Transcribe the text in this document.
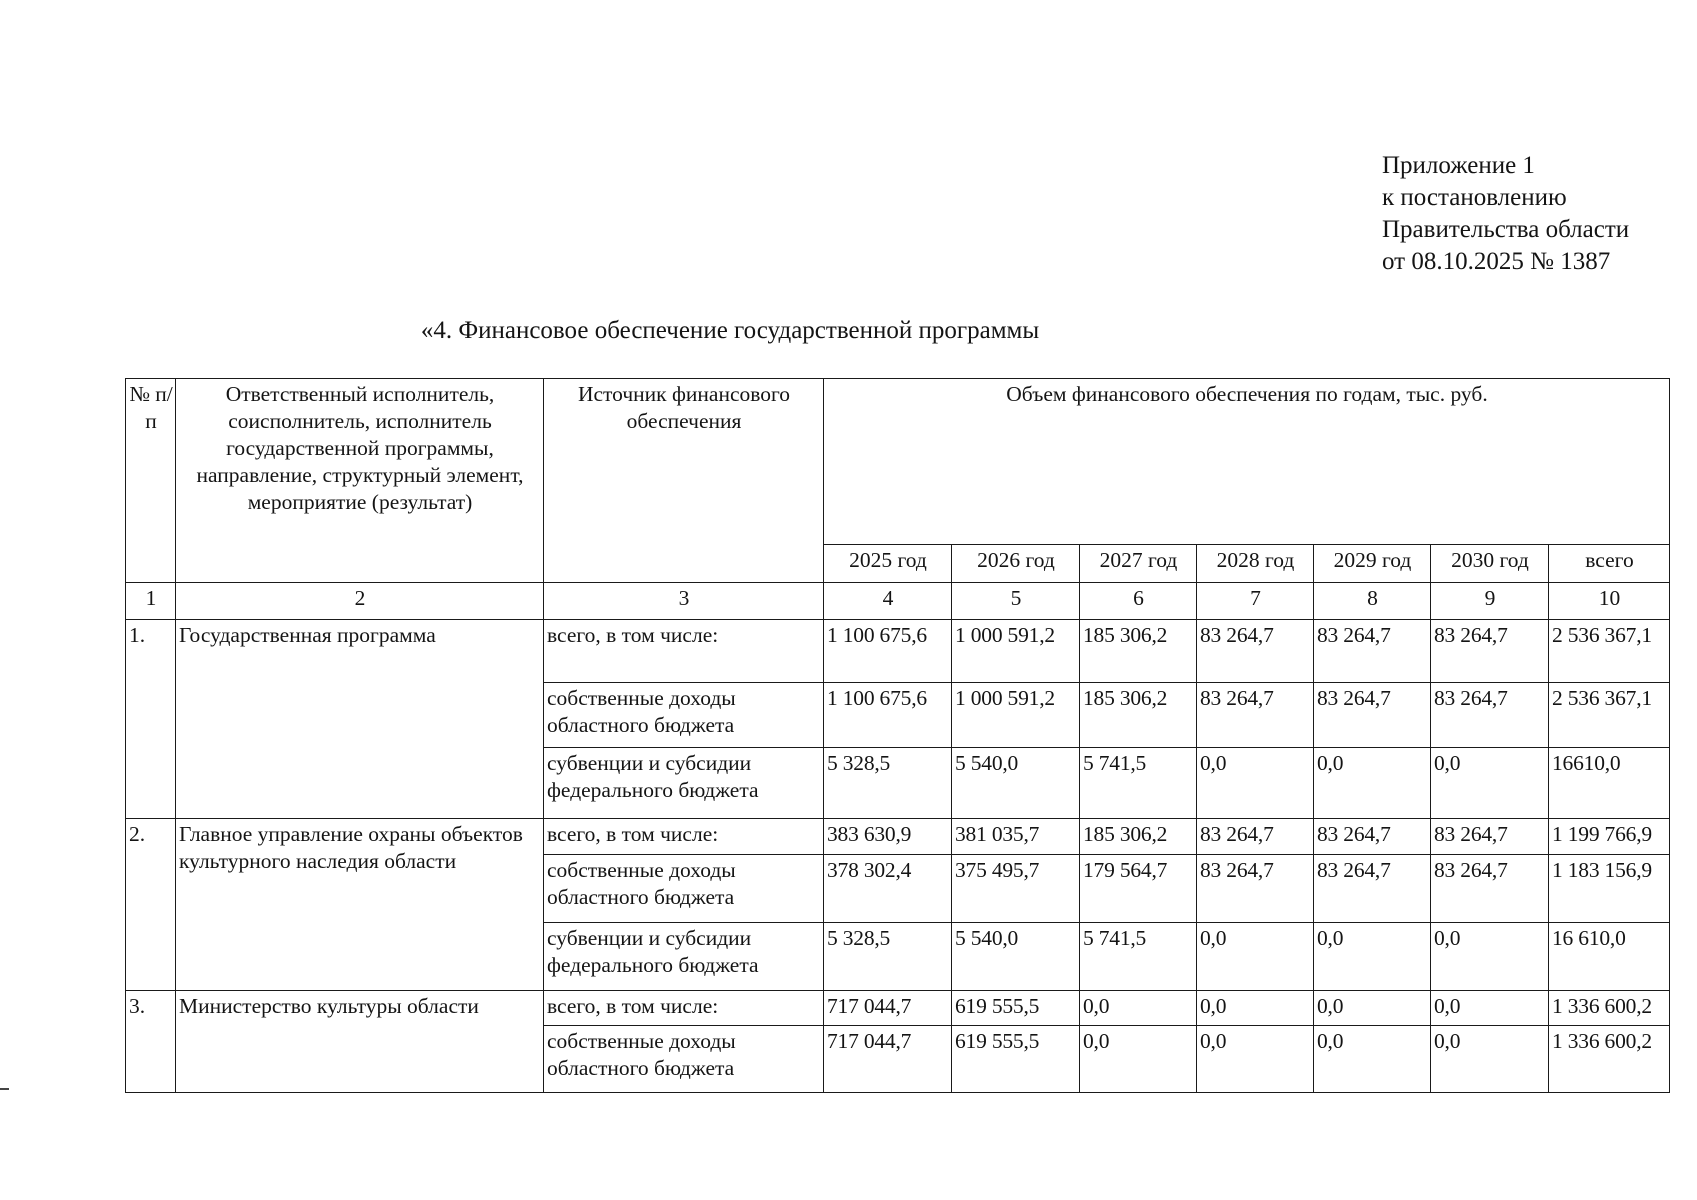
Приложение 1
к постановлению
Правительства области
от 08.10.2025 № 1387
«4. Финансовое обеспечение государственной программы
№ п/п	Ответственный исполнитель, соисполнитель, исполнитель государственной программы, направление, структурный элемент, мероприятие (результат)	Источник финансового обеспечения	Объем финансового обеспечения по годам, тыс. руб.						
			2025 год	2026 год	2027 год	2028 год	2029 год	2030 год	всего
1	2	3	4	5	6	7	8	9	10
1.	Государственная программа	всего, в том числе:	1 100 675,6	1 000 591,2	185 306,2	83 264,7	83 264,7	83 264,7	2 536 367,1
		собственные доходы областного бюджета	1 100 675,6	1 000 591,2	185 306,2	83 264,7	83 264,7	83 264,7	2 536 367,1
		субвенции и субсидии федерального бюджета	5 328,5	5 540,0	5 741,5	0,0	0,0	0,0	16610,0
2.	Главное управление охраны объектов культурного наследия области	всего, в том числе:	383 630,9	381 035,7	185 306,2	83 264,7	83 264,7	83 264,7	1 199 766,9
		собственные доходы областного бюджета	378 302,4	375 495,7	179 564,7	83 264,7	83 264,7	83 264,7	1 183 156,9
		субвенции и субсидии федерального бюджета	5 328,5	5 540,0	5 741,5	0,0	0,0	0,0	16 610,0
3.	Министерство культуры области	всего, в том числе:	717 044,7	619 555,5	0,0	0,0	0,0	0,0	1 336 600,2
		собственные доходы областного бюджета	717 044,7	619 555,5	0,0	0,0	0,0	0,0	1 336 600,2
